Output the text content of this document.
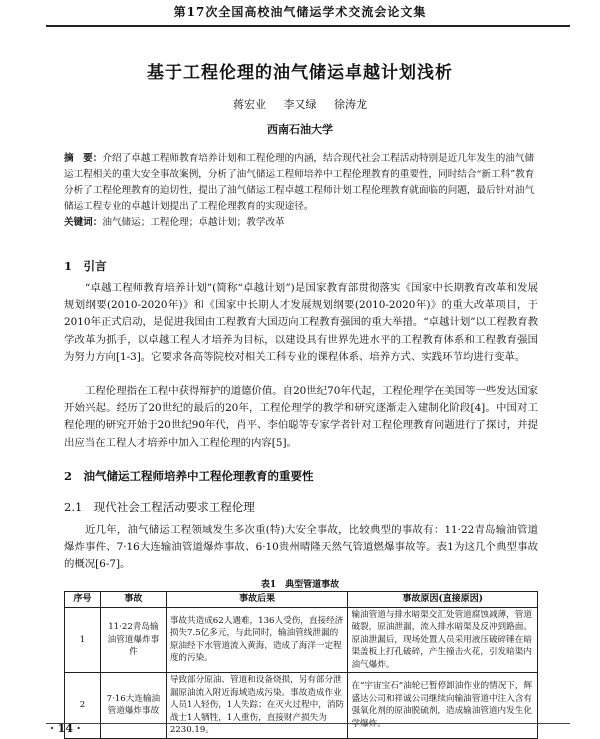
第17次全国高校油气储运学术交流会论文集
基于工程伦理的油气储运卓越计划浅析
蒋宏业 李又绿 徐涛龙
西南石油大学
摘　要：介绍了卓越工程师教育培养计划和工程伦理的内涵，结合现代社会工程活动特别是近几年发生的油气储运工程相关的重大安全事故案例，分析了油气储运工程师培养中工程伦理教育的重要性，同时结合“新工科”教育分析了工程伦理教育的迫切性，提出了油气储运工程卓越工程师计划工程伦理教育就面临的问题，最后针对油气储运工程专业的卓越计划提出了工程伦理教育的实现途径。
关键词：油气储运；工程伦理；卓越计划；教学改革
1　引言
“卓越工程师教育培养计划”(简称“卓越计划”)是国家教育部贯彻落实《国家中长期教育改革和发展规划纲要(2010-2020年)》和《国家中长期人才发展规划纲要(2010-2020年)》的重大改革项目，于2010年正式启动，是促进我国由工程教育大国迈向工程教育强国的重大举措。“卓越计划”以工程教育教学改革为抓手，以卓越工程人才培养为目标，以建设具有世界先进水平的工程教育体系和工程教育强国为努力方向[1-3]。它要求各高等院校对相关工科专业的课程体系、培养方式、实践环节均进行变革。
工程伦理指在工程中获得辩护的道德价值。自20世纪70年代起，工程伦理学在美国等一些发达国家开始兴起。经历了20世纪的最后的20年，工程伦理学的教学和研究逐渐走入建制化阶段[4]。中国对工程伦理的研究开始于20世纪90年代，肖平、李伯聪等专家学者针对工程伦理教育问题进行了探讨，并提出应当在工程人才培养中加入工程伦理的内容[5]。
2　油气储运工程师培养中工程伦理教育的重要性
2.1　现代社会工程活动要求工程伦理
近几年，油气储运工程领域发生多次重(特)大安全事故，比较典型的事故有：11·22青岛输油管道爆炸事件、7·16大连输油管道爆炸事故、6·10贵州晴隆天然气管道燃爆事故等。表1为这几个典型事故的概况[6-7]。
表1　典型管道事故
序号	事故	事故后果	事故原因(直接原因)
1	11·22青岛输油管道爆炸事件	事故共造成62人遇难，136人受伤，直接经济损失7.5亿多元，与此同时，输油管线泄漏的原油经下水管道流入黄海，造成了海洋一定程度的污染。	输油管道与排水暗渠交汇处管道腐蚀减薄，管道破裂，原油泄漏，流入排水暗渠及反冲到路面。原油泄漏后，现场处置人员采用液压破碎锤在暗渠盖板上打孔破碎，产生撞击火花，引发暗渠内油气爆炸。
2	7·16大连输油管道爆炸事故	导致部分原油、管道和设备烧损，另有部分泄漏原油流入附近海域造成污染。事故造成作业人员1人轻伤，1人失踪；在灭火过程中，消防战士1人牺牲，1人重伤，直接财产损失为2230.19。	在“宇宙宝石”油轮已暂停卸油作业的情况下，辉盛达公司和祥诚公司继续向输油管道中注入含有强氧化剂的原油脱硫剂，造成输油管道内发生化学爆炸。
· 14 ·
